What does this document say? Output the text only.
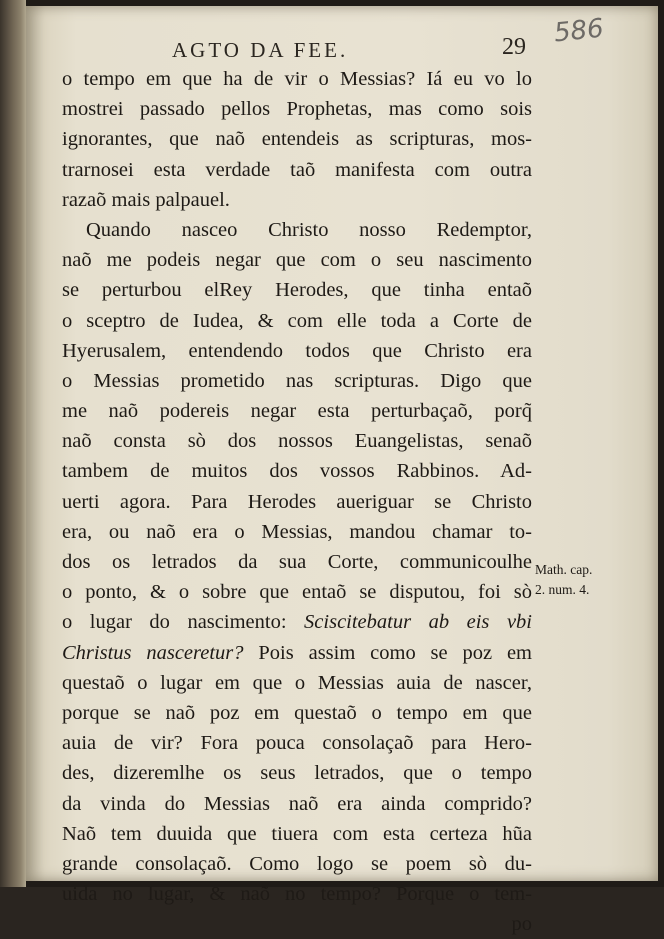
AGTO DA FEE.	29 586
o tempo em que ha de vir o Messias? Iá eu vo lo
mostrei passado pellos Prophetas, mas como sois
ignorantes, que naõ entendeis as scripturas, mos-
trarnosei esta verdade taõ manifesta com outra
razaõ mais palpauel.
Quando nasceo Christo nosso Redemptor,
naõ me podeis negar que com o seu nascimento
se perturbou elRey Herodes, que tinha entaõ
o sceptro de Iudea, & com elle toda a Corte de
Hyerusalem, entendendo todos que Christo era
o Messias prometido nas scripturas. Digo que
me naõ podereis negar esta perturbaçaõ, porq̃
naõ consta sò dos nossos Euangelistas, senaõ
tambem de muitos dos vossos Rabbinos. Ad-
uerti agora. Para Herodes aueriguar se Christo
era, ou naõ era o Messias, mandou chamar to-
dos os letrados da sua Corte, communicoulhe
o ponto, & o sobre que entaõ se disputou, foi sò
o lugar do nascimento: Sciscitebatur ab eis vbi
Christus nasceretur? Pois assim como se poz em
questaõ o lugar em que o Messias auia de nascer,
porque se naõ poz em questaõ o tempo em que
auia de vir? Fora pouca consolaçaõ para Hero-
des, dizeremlhe os seus letrados, que o tempo
da vinda do Messias naõ era ainda comprido?
Naõ tem duuida que tiuera com esta certeza hũa
grande consolaçaõ. Como logo se poem sò du-
uida no lugar, & naõ no tempo? Porque o tem-
po
Math. cap.
2. num. 4.
